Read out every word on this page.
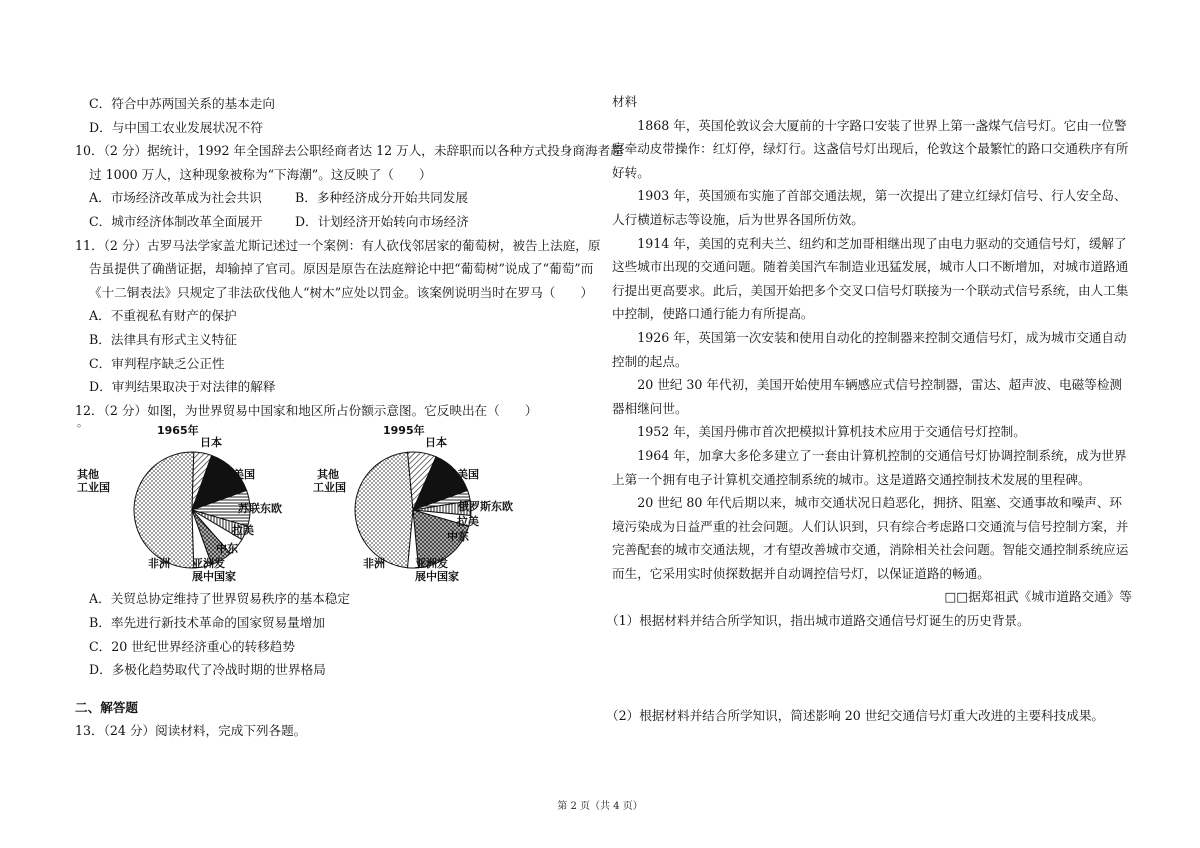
C．符合中苏两国关系的基本走向
D．与中国工农业发展状况不符
10．（2 分）据统计，1992 年全国辞去公职经商者达 12 万人，未辞职而以各种方式投身商海者超
过 1000 万人，这种现象被称为“下海潮”。这反映了（　　）
A．市场经济改革成为社会共识	B．多种经济成分开始共同发展
C．城市经济体制改革全面展开	D．计划经济开始转向市场经济
11．（2 分）古罗马法学家盖尤斯记述过一个案例：有人砍伐邻居家的葡萄树，被告上法庭，原
告虽提供了确凿证据，却输掉了官司。原因是原告在法庭辩论中把“葡萄树”说成了“葡萄”而
《十二铜表法》只规定了非法砍伐他人“树木”应处以罚金。该案例说明当时在罗马（　　）
A．不重视私有财产的保护
B．法律具有形式主义特征
C．审判程序缺乏公正性
D．审判结果取决于对法律的解释
12．（2 分）如图，为世界贸易中国家和地区所占份额示意图。它反映出在（　　）
。
1965年
其他
工业国
日本
美国
苏联东欧
拉美
中东
亚洲发
展中国家
非洲
1995年
其他
工业国
日本
美国
俄罗斯东欧
拉美
中东
亚洲发
展中国家
非洲
A．关贸总协定维持了世界贸易秩序的基本稳定
B．率先进行新技术革命的国家贸易量增加
C．20 世纪世界经济重心的转移趋势
D．多极化趋势取代了冷战时期的世界格局
二、解答题
13．（24 分）阅读材料，完成下列各题。
材料

1868 年，英国伦敦议会大厦前的十字路口安装了世界上第一盏煤气信号灯。它由一位警察牵动皮带操作：红灯停，绿灯行。这盏信号灯出现后，伦敦这个最繁忙的路口交通秩序有所好转。

1903 年，英国颁布实施了首部交通法规，第一次提出了建立红绿灯信号、行人安全岛、人行横道标志等设施，后为世界各国所仿效。

1914 年，美国的克利夫兰、纽约和芝加哥相继出现了由电力驱动的交通信号灯，缓解了这些城市出现的交通问题。随着美国汽车制造业迅猛发展，城市人口不断增加，对城市道路通行提出更高要求。此后，美国开始把多个交叉口信号灯联接为一个联动式信号系统，由人工集中控制，使路口通行能力有所提高。

1926 年，英国第一次安装和使用自动化的控制器来控制交通信号灯，成为城市交通自动控制的起点。

20 世纪 30 年代初，美国开始使用车辆感应式信号控制器，雷达、超声波、电磁等检测器相继问世。

1952 年，美国丹佛市首次把模拟计算机技术应用于交通信号灯控制。

1964 年，加拿大多伦多建立了一套由计算机控制的交通信号灯协调控制系统，成为世界上第一个拥有电子计算机交通控制系统的城市。这是道路交通控制技术发展的里程碑。

20 世纪 80 年代后期以来，城市交通状况日趋恶化，拥挤、阻塞、交通事故和噪声、环境污染成为日益严重的社会问题。人们认识到，只有综合考虑路口交通流与信号控制方案，并完善配套的城市交通法规，才有望改善城市交通，消除相关社会问题。智能交通控制系统应运而生，它采用实时侦探数据并自动调控信号灯，以保证道路的畅通。

□□据郑祖武《城市道路交通》等
（1）根据材料并结合所学知识，指出城市道路交通信号灯诞生的历史背景。
（2）根据材料并结合所学知识，简述影响 20 世纪交通信号灯重大改进的主要科技成果。
第 2 页（共 4 页）
